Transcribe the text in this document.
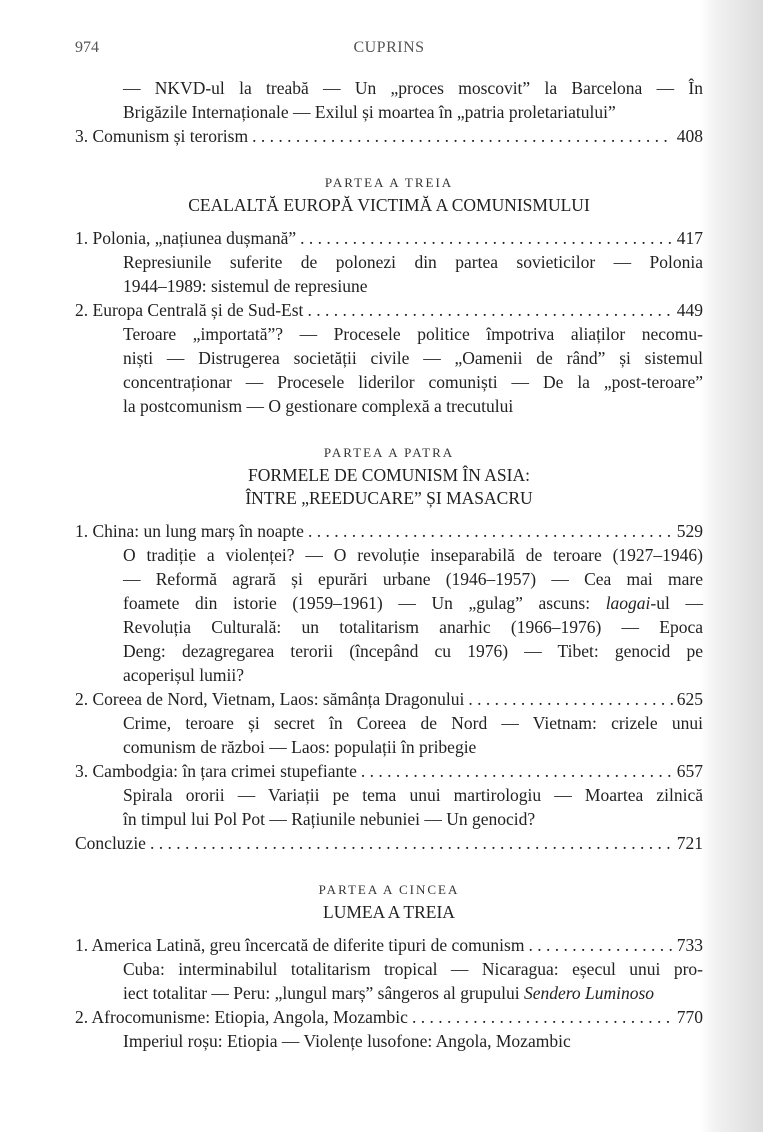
974	CUPRINS
— NKVD-ul la treabă — Un „proces moscovit” la Barcelona — În
Brigăzile Internaționale — Exilul și moartea în „patria proletariatului”
3. Comunism și terorism . . .	408
PARTEA A TREIA
CEALALTĂ EUROPĂ VICTIMĂ A COMUNISMULUI
1. Polonia, „națiunea dușmană” . . .	417
Represiunile suferite de polonezi din partea sovieticilor — Polonia
1944–1989: sistemul de represiune
2. Europa Centrală și de Sud-Est . . .	449
Teroare „importată”? — Procesele politice împotriva aliaților necomu-
niști — Distrugerea societății civile — „Oamenii de rând” și sistemul
concentraționar — Procesele liderilor comuniști — De la „post-teroare”
la postcomunism — O gestionare complexă a trecutului
PARTEA A PATRA
FORMELE DE COMUNISM ÎN ASIA:
ÎNTRE „REEDUCARE” ȘI MASACRU
1. China: un lung marș în noapte . . .	529
O tradiție a violenței? — O revoluție inseparabilă de teroare (1927–1946)
— Reformă agrară și epurări urbane (1946–1957) — Cea mai mare
foamete din istorie (1959–1961) — Un „gulag” ascuns: laogai-ul —
Revoluția Culturală: un totalitarism anarhic (1966–1976) — Epoca
Deng: dezagregarea terorii (începând cu 1976) — Tibet: genocid pe
acoperișul lumii?
2. Coreea de Nord, Vietnam, Laos: sămânța Dragonului . . .	625
Crime, teroare și secret în Coreea de Nord — Vietnam: crizele unui
comunism de război — Laos: populații în pribegie
3. Cambodgia: în țara crimei stupefiante . . .	657
Spirala ororii — Variații pe tema unui martirologiu — Moartea zilnică
în timpul lui Pol Pot — Rațiunile nebuniei — Un genocid?
Concluzie . . .	721
PARTEA A CINCEA
LUMEA A TREIA
1. America Latină, greu încercată de diferite tipuri de comunism . . .	733
Cuba: interminabilul totalitarism tropical — Nicaragua: eșecul unui pro-
iect totalitar — Peru: „lungul marș” sângeros al grupului Sendero Luminoso
2. Afrocomunisme: Etiopia, Angola, Mozambic . . .	770
Imperiul roșu: Etiopia — Violențe lusofone: Angola, Mozambic
